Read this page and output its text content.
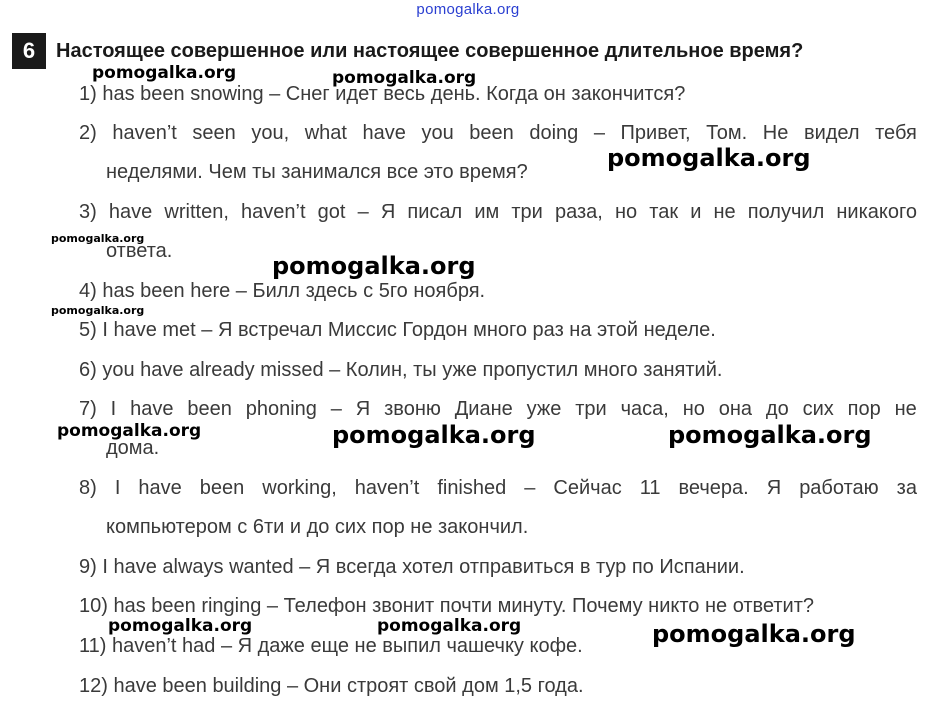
pomogalka.org
6	Настоящее совершенное или настоящее совершенное длительное время?
1) has been snowing – Снег идет весь день. Когда он закончится?
2) haven’t seen you, what have you been doing – Привет, Том. Не видел тебя
неделями. Чем ты занимался все это время?
3) have written, haven’t got – Я писал им три раза, но так и не получил никакого
ответа.
4) has been here – Билл здесь с 5го ноября.
5) I have met – Я встречал Миссис Гордон много раз на этой неделе.
6) you have already missed – Колин, ты уже пропустил много занятий.
7) I have been phoning – Я звоню Диане уже три часа, но она до сих пор не
дома.
8) I have been working, haven’t finished – Сейчас 11 вечера. Я работаю за
компьютером с 6ти и до сих пор не закончил.
9) I have always wanted – Я всегда хотел отправиться в тур по Испании.
10) has been ringing – Телефон звонит почти минуту. Почему никто не ответит?
11) haven’t had – Я даже еще не выпил чашечку кофе.
12) have been building – Они строят свой дом 1,5 года.
pomogalka.org	pomogalka.org
pomogalka.org
pomogalka.org
pomogalka.org
pomogalka.org
pomogalka.org	pomogalka.org	pomogalka.org
pomogalka.org	pomogalka.org	pomogalka.org
